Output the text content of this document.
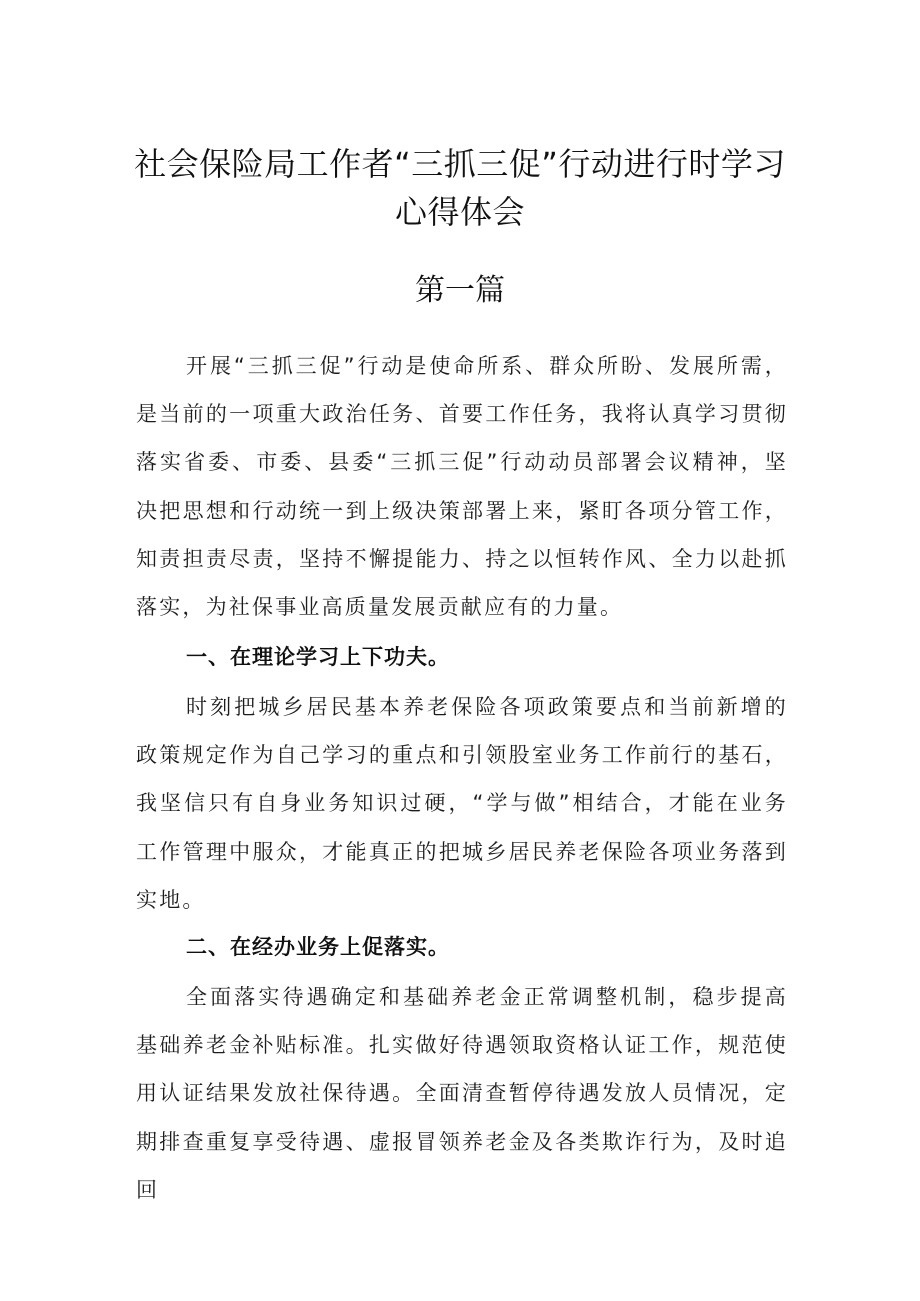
社会保险局工作者“三抓三促”行动进行时学习心得体会
第一篇

开展“三抓三促”行动是使命所系、群众所盼、发展所需，是当前的一项重大政治任务、首要工作任务，我将认真学习贯彻落实省委、市委、县委“三抓三促”行动动员部署会议精神，坚决把思想和行动统一到上级决策部署上来，紧盯各项分管工作，知责担责尽责，坚持不懈提能力、持之以恒转作风、全力以赴抓落实，为社保事业高质量发展贡献应有的力量。

一、在理论学习上下功夫。

时刻把城乡居民基本养老保险各项政策要点和当前新增的政策规定作为自己学习的重点和引领股室业务工作前行的基石，我坚信只有自身业务知识过硬，“学与做”相结合，才能在业务工作管理中服众，才能真正的把城乡居民养老保险各项业务落到实地。

二、在经办业务上促落实。

全面落实待遇确定和基础养老金正常调整机制，稳步提高基础养老金补贴标准。扎实做好待遇领取资格认证工作，规范使用认证结果发放社保待遇。全面清查暂停待遇发放人员情况，定期排查重复享受待遇、虚报冒领养老金及各类欺诈行为，及时追回
